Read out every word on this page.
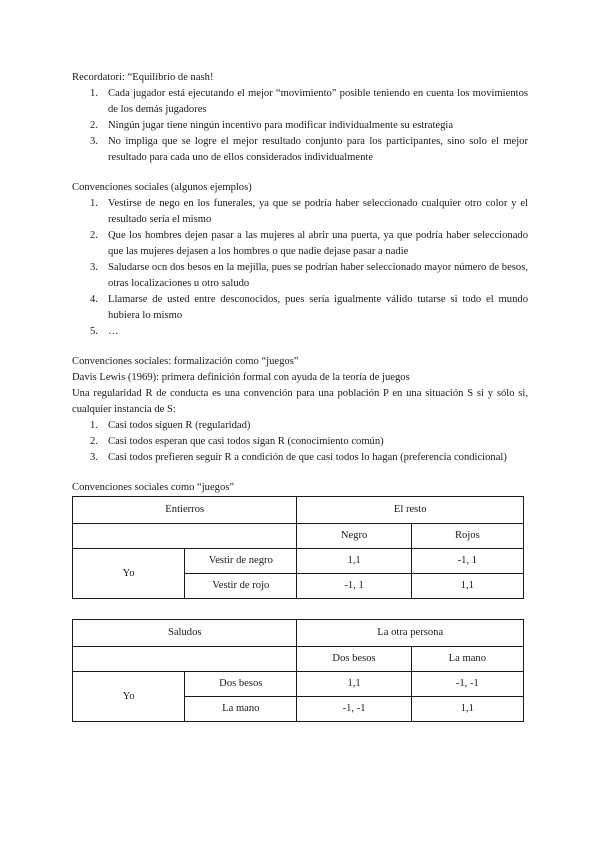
Recordatori: “Equilibrio de nash!

1. Cada jugador está ejecutando el mejor “movimiento” posible teniendo en cuenta los movimientos de los demás jugadores
2. Ningún jugar tiene ningún incentivo para modificar individualmente su estrategia
3. No impliga que se logre el mejor resultado conjunto para los participantes, sino solo el mejor resultado para cada uno de ellos considerados individualmente

Convenciones sociales (algunos ejemplos)

1. Vestirse de nego en los funerales, ya que se podría haber seleccionado cualquier otro color y el resultado sería el mismo
2. Que los hombres dejen pasar a las mujeres al abrir una puerta, ya que podría haber seleccionado que las mujeres dejasen a los hombres o que nadie dejase pasar a nadie
3. Saludarse ocn dos besos en la mejilla, pues se podrían haber seleccionado mayor número de besos, otras localizaciones u otro saludo
4. Llamarse de usted entre desconocidos, pues sería igualmente válido tutarse si todo el mundo hubiera lo mismo
5. …

Convenciones sociales: formalización como “juegos”

Davis Lewis (1969): primera definición formal con ayuda de la teoría de juegos

Una regularidad R de conducta es una convención para una población P en una situación S si y sólo si, cualquier instancia de S:

1. Casi todos siguen R (regularidad)
2. Casi todos esperan que casi todos sigan R (conocimiento común)
3. Casi todos prefieren seguir R a condición de que casi todos lo hagan (preferencia condicional)

Convenciones sociales como “juegos”

Entierros		El resto	
		Negro	Rojos
Yo	Vestir de negro	1,1	-1, 1
	Vestir de rojo	-1, 1	1,1
Saludos		La otra persona	
		Dos besos	La mano
Yo	Dos besos	1,1	-1, -1
	La mano	-1, -1	1,1
